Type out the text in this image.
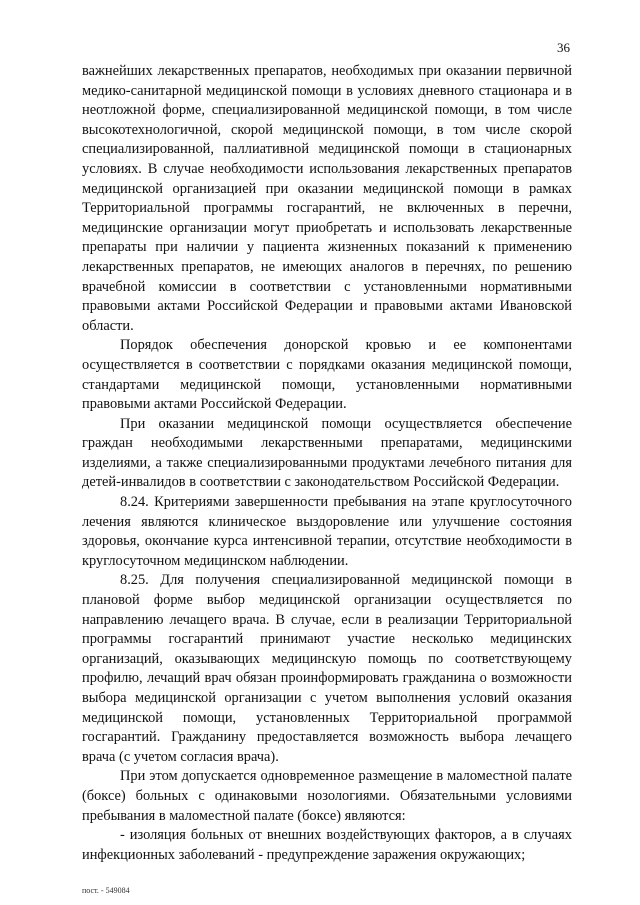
36

важнейших лекарственных препаратов, необходимых при оказании первичной медико-санитарной медицинской помощи в условиях дневного стационара и в неотложной форме, специализированной медицинской помощи, в том числе высокотехнологичной, скорой медицинской помощи, в том числе скорой специализированной, паллиативной медицинской помощи в стационарных условиях. В случае необходимости использования лекарственных препаратов медицинской организацией при оказании медицинской помощи в рамках Территориальной программы госгарантий, не включенных в перечни, медицинские организации могут приобретать и использовать лекарственные препараты при наличии у пациента жизненных показаний к применению лекарственных препаратов, не имеющих аналогов в перечнях, по решению врачебной комиссии в соответствии с установленными нормативными правовыми актами Российской Федерации и правовыми актами Ивановской области.

Порядок обеспечения донорской кровью и ее компонентами осуществляется в соответствии с порядками оказания медицинской помощи, стандартами медицинской помощи, установленными нормативными правовыми актами Российской Федерации.

При оказании медицинской помощи осуществляется обеспечение граждан необходимыми лекарственными препаратами, медицинскими изделиями, а также специализированными продуктами лечебного питания для детей-инвалидов в соответствии с законодательством Российской Федерации.

8.24. Критериями завершенности пребывания на этапе круглосуточного лечения являются клиническое выздоровление или улучшение состояния здоровья, окончание курса интенсивной терапии, отсутствие необходимости в круглосуточном медицинском наблюдении.

8.25. Для получения специализированной медицинской помощи в плановой форме выбор медицинской организации осуществляется по направлению лечащего врача. В случае, если в реализации Территориальной программы госгарантий принимают участие несколько медицинских организаций, оказывающих медицинскую помощь по соответствующему профилю, лечащий врач обязан проинформировать гражданина о возможности выбора медицинской организации с учетом выполнения условий оказания медицинской помощи, установленных Территориальной программой госгарантий. Гражданину предоставляется возможность выбора лечащего врача (с учетом согласия врача).

При этом допускается одновременное размещение в маломестной палате (боксе) больных с одинаковыми нозологиями. Обязательными условиями пребывания в маломестной палате (боксе) являются:

- изоляция больных от внешних воздействующих факторов, а в случаях инфекционных заболеваний - предупреждение заражения окружающих;

пост. - 549084
